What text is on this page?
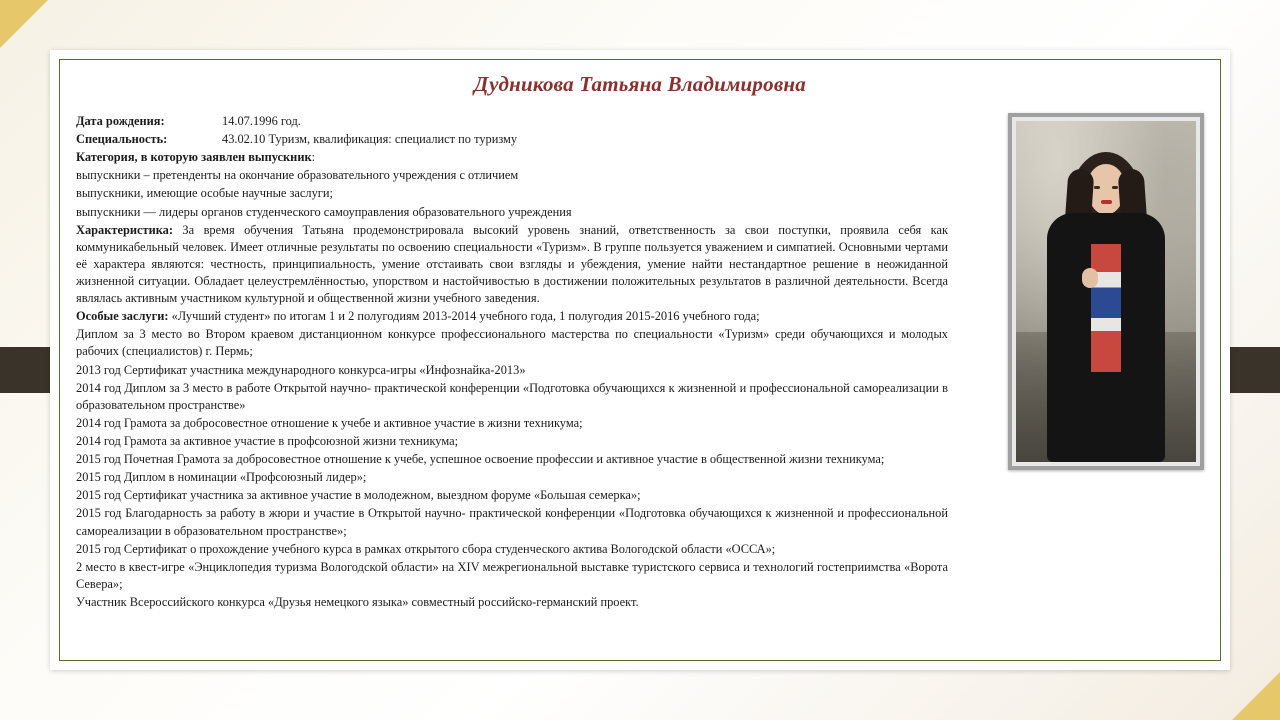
Дудникова Татьяна Владимировна
Дата рождения:	14.07.1996 год.
Специальность:	43.02.10 Туризм, квалификация: специалист по туризму
Категория, в которую заявлен выпускник:
выпускники – претенденты на окончание образовательного учреждения с отличием
выпускники, имеющие особые научные заслуги;
выпускники — лидеры органов студенческого самоуправления образовательного учреждения
Характеристика: За время обучения Татьяна продемонстрировала высокий уровень знаний, ответственность за свои поступки, проявила себя как коммуникабельный человек. Имеет отличные результаты по освоению специальности «Туризм». В группе пользуется уважением и симпатией. Основными чертами её характера являются: честность, принципиальность, умение отстаивать свои взгляды и убеждения, умение найти нестандартное решение в неожиданной жизненной ситуации. Обладает целеустремлённостью, упорством и настойчивостью в достижении положительных результатов в различной деятельности. Всегда являлась активным участником культурной и общественной жизни учебного заведения.
Особые заслуги: «Лучший студент» по итогам 1 и 2 полугодиям 2013-2014 учебного года, 1 полугодия 2015-2016 учебного года;
Диплом за 3 место во Втором краевом дистанционном конкурсе профессионального мастерства по специальности «Туризм» среди обучающихся и молодых рабочих (специалистов) г. Пермь;
2013 год Сертификат участника международного конкурса-игры «Инфознайка-2013»
2014 год Диплом за 3 место в работе Открытой научно- практической конференции «Подготовка обучающихся к жизненной и профессиональной самореализации в образовательном пространстве»
2014 год Грамота за добросовестное отношение к учебе и активное участие в жизни техникума;
2014 год Грамота за активное участие в профсоюзной жизни техникума;
2015 год Почетная Грамота за добросовестное отношение к учебе, успешное освоение профессии и активное участие в общественной жизни техникума;
2015 год Диплом в номинации «Профсоюзный лидер»;
2015 год Сертификат участника за активное участие в молодежном, выездном форуме «Большая семерка»;
2015 год Благодарность за работу в жюри и участие в Открытой научно- практической конференции «Подготовка обучающихся к жизненной и профессиональной самореализации в образовательном пространстве»;
2015 год Сертификат о прохождение учебного курса в рамках открытого сбора студенческого актива Вологодской области «ОССА»;
2 место в квест-игре «Энциклопедия туризма Вологодской области» на XIV межрегиональной выставке туристского сервиса и технологий гостеприимства «Ворота Севера»;
Участник Всероссийского конкурса «Друзья немецкого языка» совместный российско-германский проект.
